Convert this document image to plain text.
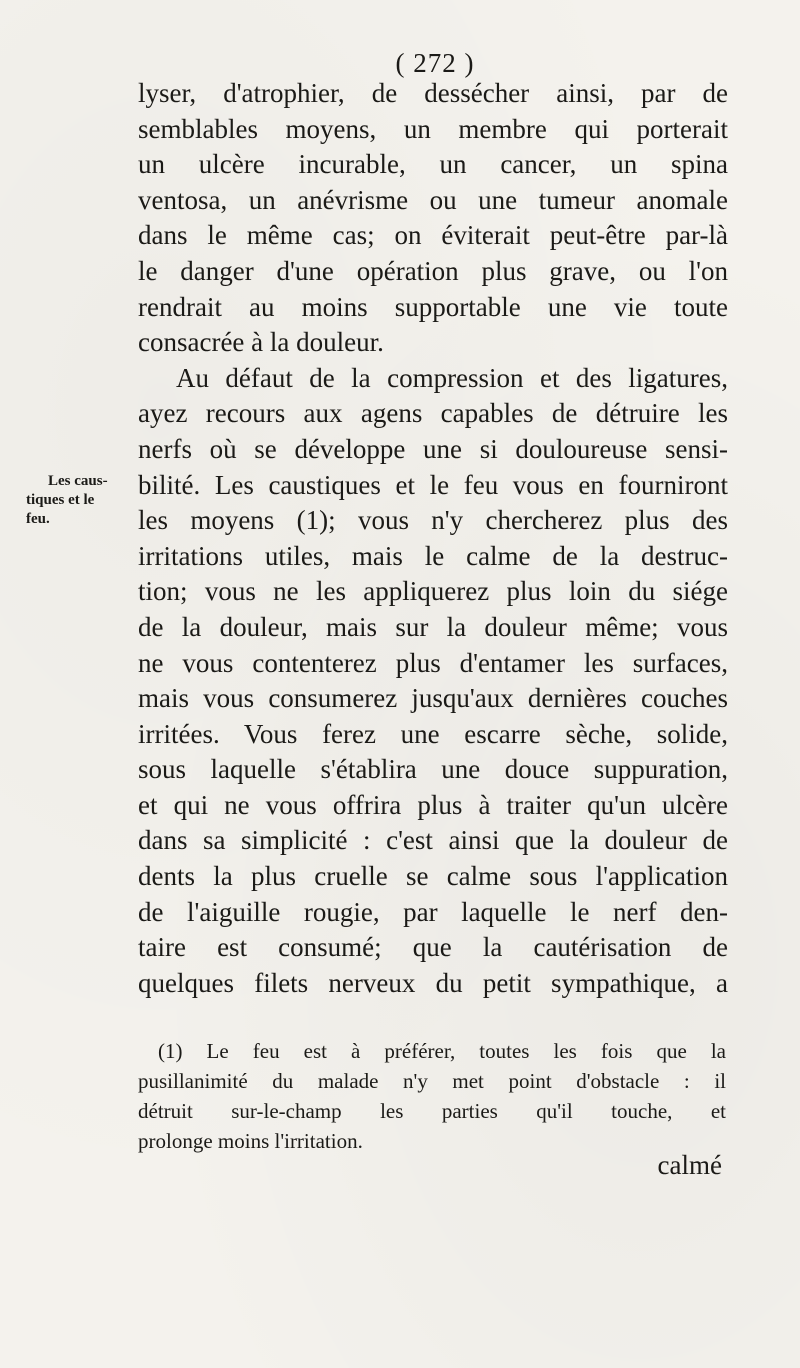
( 272 )
Les caus-
tiques et le
feu.
lyser, d'atrophier, de dessécher ainsi, par de
semblables moyens, un membre qui porterait
un ulcère incurable, un cancer, un spina
ventosa, un anévrisme ou une tumeur anomale
dans le même cas; on éviterait peut-être par-là
le danger d'une opération plus grave, ou l'on
rendrait au moins supportable une vie toute
consacrée à la douleur.
Au défaut de la compression et des ligatures,
ayez recours aux agens capables de détruire les
nerfs où se développe une si douloureuse sensi-
bilité. Les caustiques et le feu vous en fourniront
les moyens (1); vous n'y chercherez plus des
irritations utiles, mais le calme de la destruc-
tion; vous ne les appliquerez plus loin du siége
de la douleur, mais sur la douleur même; vous
ne vous contenterez plus d'entamer les surfaces,
mais vous consumerez jusqu'aux dernières couches
irritées. Vous ferez une escarre sèche, solide,
sous laquelle s'établira une douce suppuration,
et qui ne vous offrira plus à traiter qu'un ulcère
dans sa simplicité : c'est ainsi que la douleur de
dents la plus cruelle se calme sous l'application
de l'aiguille rougie, par laquelle le nerf den-
taire est consumé; que la cautérisation de
quelques filets nerveux du petit sympathique, a
(1) Le feu est à préférer, toutes les fois que la
pusillanimité du malade n'y met point d'obstacle : il
détruit sur-le-champ les parties qu'il touche, et
prolonge moins l'irritation.
calmé
